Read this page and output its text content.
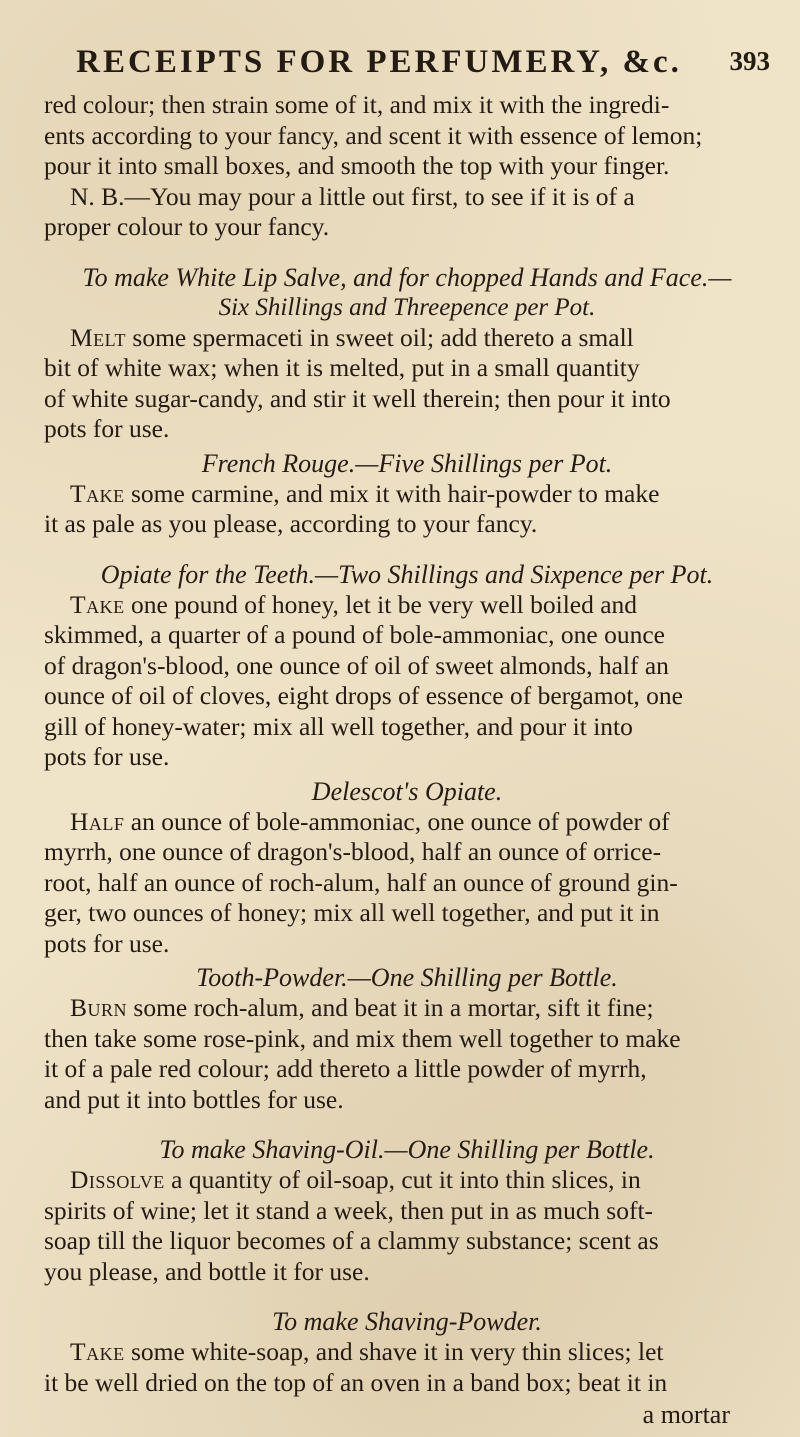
RECEIPTS FOR PERFUMERY, &c.	393

red colour; then strain some of it, and mix it with the ingredi-
ents according to your fancy, and scent it with essence of lemon;
pour it into small boxes, and smooth the top with your finger.
N. B.—You may pour a little out first, to see if it is of a
proper colour to your fancy.

To make White Lip Salve, and for chopped Hands and Face.—
Six Shillings and Threepence per Pot.

Melt some spermaceti in sweet oil; add thereto a small
bit of white wax; when it is melted, put in a small quantity
of white sugar-candy, and stir it well therein; then pour it into
pots for use.

French Rouge.—Five Shillings per Pot.

Take some carmine, and mix it with hair-powder to make
it as pale as you please, according to your fancy.

Opiate for the Teeth.—Two Shillings and Sixpence per Pot.

Take one pound of honey, let it be very well boiled and
skimmed, a quarter of a pound of bole-ammoniac, one ounce
of dragon's-blood, one ounce of oil of sweet almonds, half an
ounce of oil of cloves, eight drops of essence of bergamot, one
gill of honey-water; mix all well together, and pour it into
pots for use.

Delescot's Opiate.

Half an ounce of bole-ammoniac, one ounce of powder of
myrrh, one ounce of dragon's-blood, half an ounce of orrice-
root, half an ounce of roch-alum, half an ounce of ground gin-
ger, two ounces of honey; mix all well together, and put it in
pots for use.

Tooth-Powder.—One Shilling per Bottle.

Burn some roch-alum, and beat it in a mortar, sift it fine;
then take some rose-pink, and mix them well together to make
it of a pale red colour; add thereto a little powder of myrrh,
and put it into bottles for use.

To make Shaving-Oil.—One Shilling per Bottle.

Dissolve a quantity of oil-soap, cut it into thin slices, in
spirits of wine; let it stand a week, then put in as much soft-
soap till the liquor becomes of a clammy substance; scent as
you please, and bottle it for use.

To make Shaving-Powder.

Take some white-soap, and shave it in very thin slices; let
it be well dried on the top of an oven in a band box; beat it in

a mortar
